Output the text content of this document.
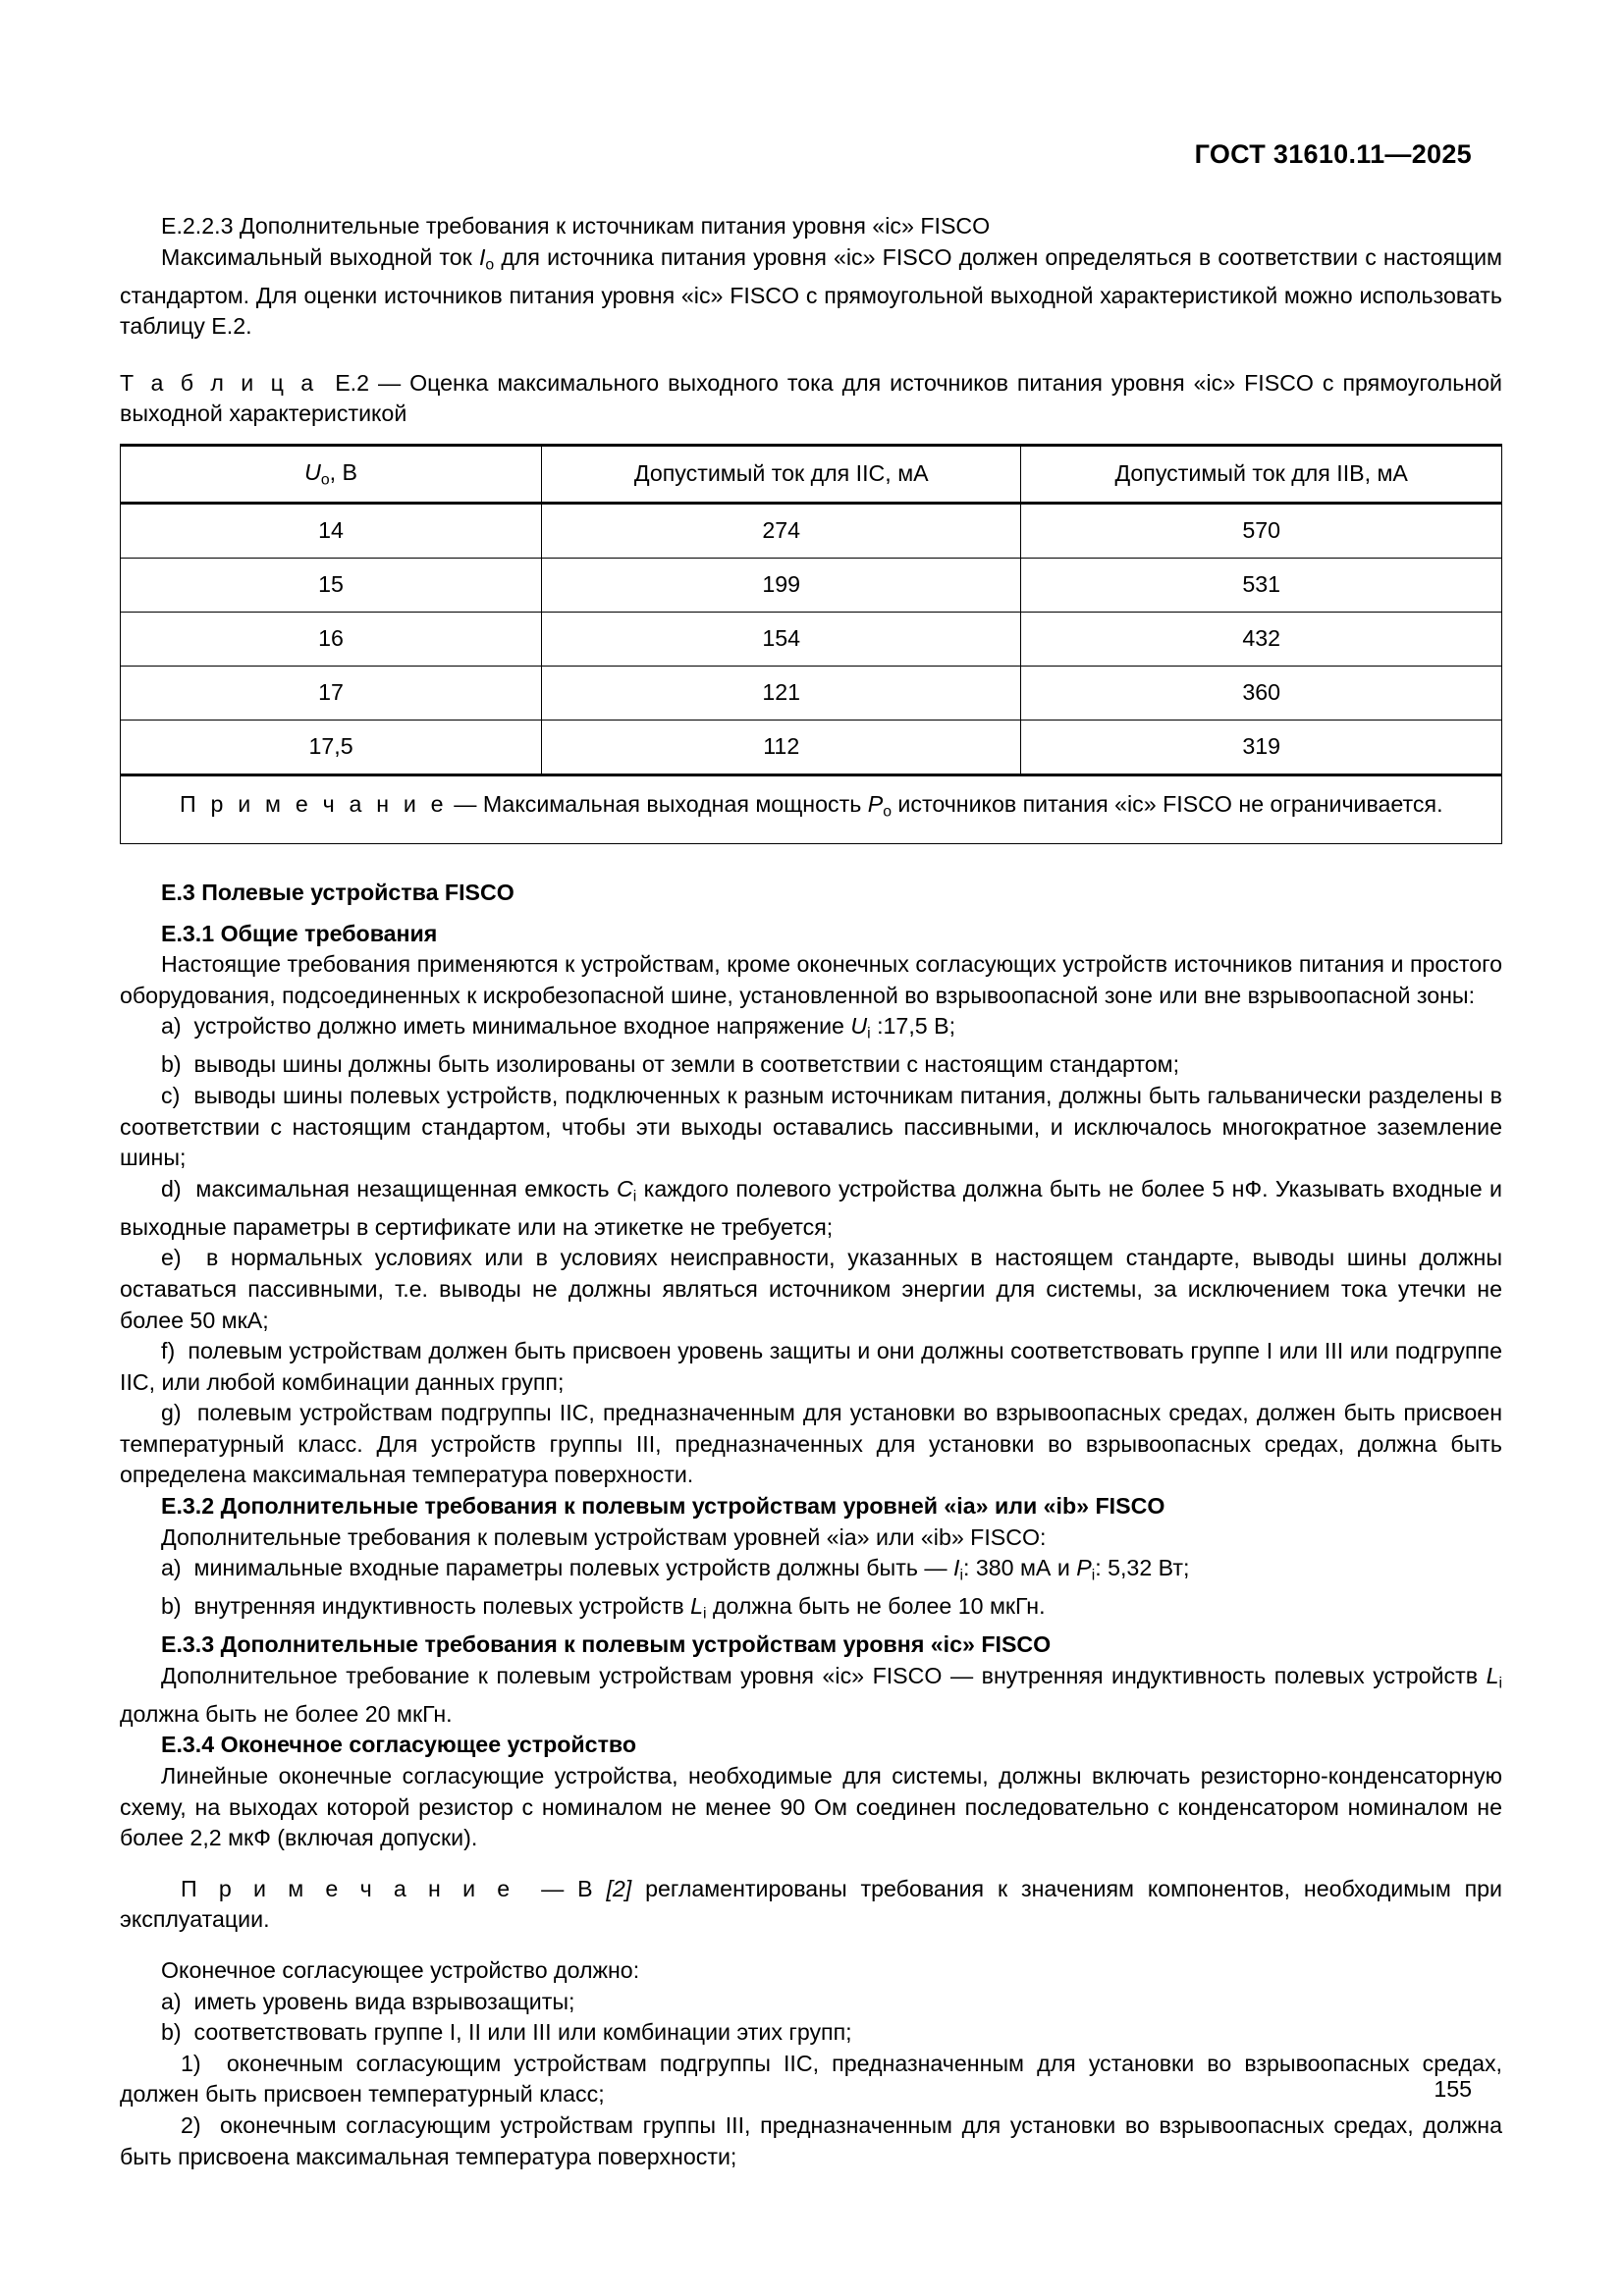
ГОСТ 31610.11—2025

E.2.2.3 Дополнительные требования к источникам питания уровня «ic» FISCO

Максимальный выходной ток $I_o$ для источника питания уровня «ic» FISCO должен определяться в соответствии с настоящим стандартом. Для оценки источников питания уровня «ic» FISCO с прямоугольной выходной характеристикой можно использовать таблицу E.2.

Т а б л и ц а E.2 — Оценка максимального выходного тока для источников питания уровня «ic» FISCO с прямоугольной выходной характеристикой

$U_o$, В	Допустимый ток для IIC, мА	Допустимый ток для IIB, мА
14	274	570
15	199	531
16	154	432
17	121	360
17,5	112	319
П р и м е ч а н и е — Максимальная выходная мощность $P_o$ источников питания «ic» FISCO не ограничивается.		
E.3 Полевые устройства FISCO
E.3.1 Общие требования

Настоящие требования применяются к устройствам, кроме оконечных согласующих устройств источников питания и простого оборудования, подсоединенных к искробезопасной шине, установленной во взрывоопасной зоне или вне взрывоопасной зоны:

a) устройство должно иметь минимальное входное напряжение $U_i$ :17,5 В;

b) выводы шины должны быть изолированы от земли в соответствии с настоящим стандартом;

c) выводы шины полевых устройств, подключенных к разным источникам питания, должны быть гальванически разделены в соответствии с настоящим стандартом, чтобы эти выходы оставались пассивными, и исключалось многократное заземление шины;

d) максимальная незащищенная емкость $C_i$ каждого полевого устройства должна быть не более 5 нФ. Указывать входные и выходные параметры в сертификате или на этикетке не требуется;

e) в нормальных условиях или в условиях неисправности, указанных в настоящем стандарте, выводы шины должны оставаться пассивными, т.е. выводы не должны являться источником энергии для системы, за исключением тока утечки не более 50 мкА;

f) полевым устройствам должен быть присвоен уровень защиты и они должны соответствовать группе I или III или подгруппе IIC, или любой комбинации данных групп;

g) полевым устройствам подгруппы IIC, предназначенным для установки во взрывоопасных средах, должен быть присвоен температурный класс. Для устройств группы III, предназначенных для установки во взрывоопасных средах, должна быть определена максимальная температура поверхности.

E.3.2 Дополнительные требования к полевым устройствам уровней «ia» или «ib» FISCO

Дополнительные требования к полевым устройствам уровней «ia» или «ib» FISCO:

a) минимальные входные параметры полевых устройств должны быть — $I_i$: 380 мА и $P_i$: 5,32 Вт;

b) внутренняя индуктивность полевых устройств $L_i$ должна быть не более 10 мкГн.

E.3.3 Дополнительные требования к полевым устройствам уровня «ic» FISCO

Дополнительное требование к полевым устройствам уровня «ic» FISCO — внутренняя индуктивность полевых устройств $L_i$ должна быть не более 20 мкГн.

E.3.4 Оконечное согласующее устройство

Линейные оконечные согласующие устройства, необходимые для системы, должны включать резисторно-конденсаторную схему, на выходах которой резистор с номиналом не менее 90 Ом соединен последовательно с конденсатором номиналом не более 2,2 мкФ (включая допуски).

П р и м е ч а н и е — В [2] регламентированы требования к значениям компонентов, необходимым при эксплуатации.

Оконечное согласующее устройство должно:

a) иметь уровень вида взрывозащиты;

b) соответствовать группе I, II или III или комбинации этих групп;

1) оконечным согласующим устройствам подгруппы IIC, предназначенным для установки во взрывоопасных средах, должен быть присвоен температурный класс;

2) оконечным согласующим устройствам группы III, предназначенным для установки во взрывоопасных средах, должна быть присвоена максимальная температура поверхности;

155
